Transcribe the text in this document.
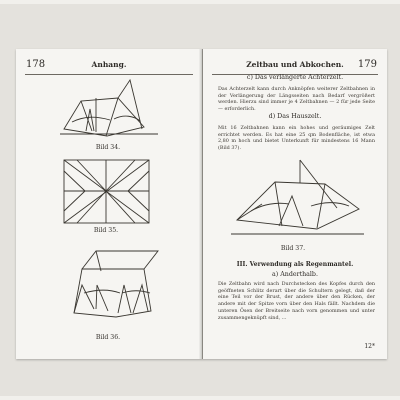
178	Anhang.
Bild 34.
Bild 35.
Bild 36.
Zeltbau und Abkochen.	179
c) Das verlängerte Achterzelt.
Das Achterzelt kann durch Anknöpfen weiterer Zeltbahnen in der Verlängerung der Längsseiten nach Bedarf vergrößert werden. Hierzu sind immer je 4 Zeltbahnen — 2 für jede Seite — erforderlich.
d) Das Hauszelt.
Mit 16 Zeltbahnen kann ein hohes und geräumiges Zelt errichtet werden. Es hat eine 25 qm Bodenfläche, ist etwa 2,80 m hoch und bietet Unterkunft für mindestens 16 Mann (Bild 37).
Bild 37.
III. Verwendung als Regenmantel.
a) Anderthalb.
Die Zeltbahn wird nach Durchstecken des Kopfes durch den geöffneten Schlitz derart über die Schultern gelegt, daß der eine Teil vor der Brust, der andere über den Rücken, der andere mit der Spitze vorn über den Hals fällt. Nachdem die unteren Ösen der Breitseite nach vorn genommen und unter zusammengeknüpft sind, ...
12*
